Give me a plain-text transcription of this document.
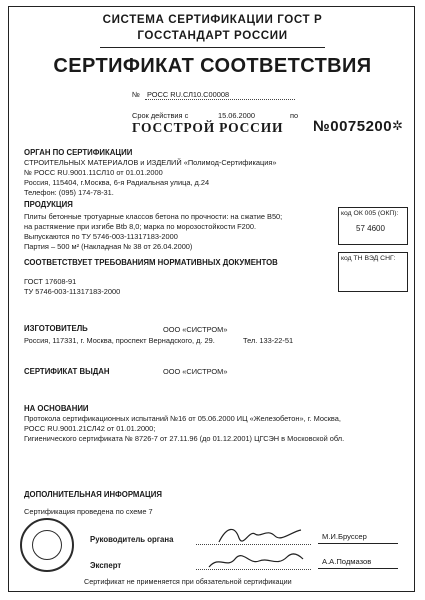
СИСТЕМА СЕРТИФИКАЦИИ ГОСТ Р
ГОССТАНДАРТ РОССИИ
СЕРТИФИКАТ СООТВЕТСТВИЯ
№ РОСС RU.СЛ10.С00008
Срок действия с	15.06.2000	по
ГОССТРОЙ РОССИИ №0075200 ✲
ОРГАН ПО СЕРТИФИКАЦИИ
СТРОИТЕЛЬНЫХ МАТЕРИАЛОВ и ИЗДЕЛИЙ «Полимод-Сертификация»
№ РОСС RU.9001.11СЛ10 от 01.01.2000
Россия, 115404, г.Москва, 6-я Радиальная улица, д.24
Телефон: (095) 174-78-31.
ПРОДУКЦИЯ
Плиты бетонные тротуарные классов бетона по прочности: на сжатие В50;
на растяжение при изгибе Btb 8,0; марка по морозостойкости F200.
Выпускаются по ТУ 5746-003-11317183-2000
Партия – 500 м² (Накладная № 38 от 26.04.2000)
код ОК 005 (ОКП):
57 4600
СООТВЕТСТВУЕТ ТРЕБОВАНИЯМ НОРМАТИВНЫХ ДОКУМЕНТОВ
ГОСТ 17608-91
ТУ 5746-003-11317183-2000
код ТН ВЭД СНГ:
ИЗГОТОВИТЕЛЬ	ООО «СИСТРОМ»
Россия, 117331, г. Москва, проспект Вернадского, д. 29.	Тел. 133-22-51
СЕРТИФИКАТ ВЫДАН	ООО «СИСТРОМ»
НА ОСНОВАНИИ
Протокола сертификационных испытаний №16 от 05.06.2000 ИЦ «Железобетон», г. Москва,
РОСС RU.9001.21СЛ42 от 01.01.2000;
Гигиенического сертификата № 8726-7 от 27.11.96 (до 01.12.2001) ЦГСЭН в Московской обл.
ДОПОЛНИТЕЛЬНАЯ ИНФОРМАЦИЯ
Сертификация проведена по схеме 7
Руководитель органа	М.И.Бруссер
Эксперт	А.А.Подмазов
Сертификат не применяется при обязательной сертификации
